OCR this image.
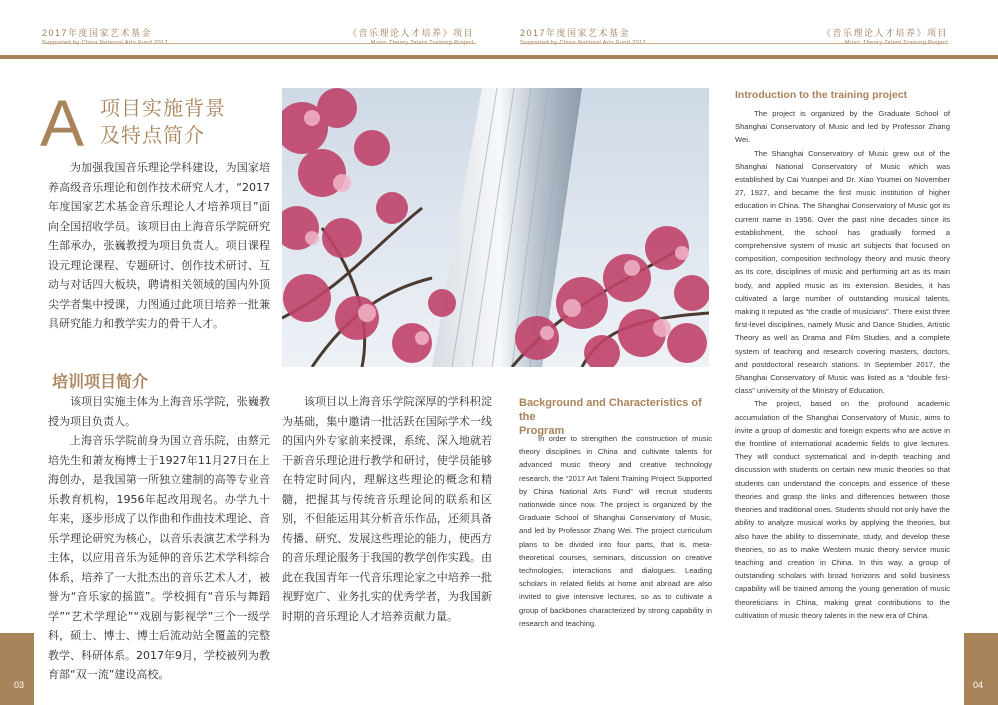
2017年度国家艺术基金	《音乐理论人才培养》项目	2017年度国家艺术基金	《音乐理论人才培养》项目
A 项目实施背景
及特点简介

为加强我国音乐理论学科建设，为国家培养高级音乐理论和创作技术研究人才，“2017年度国家艺术基金音乐理论人才培养项目”面向全国招收学员。该项目由上海音乐学院研究生部承办，张巍教授为项目负责人。项目课程设元理论课程、专题研讨、创作技术研讨、互动与对话四大板块，聘请相关领域的国内外顶尖学者集中授课，力图通过此项目培养一批兼具研究能力和教学实力的骨干人才。

培训项目简介

该项目实施主体为上海音乐学院，张巍教授为项目负责人。

上海音乐学院前身为国立音乐院，由蔡元培先生和萧友梅博士于1927年11月27日在上海创办，是我国第一所独立建制的高等专业音乐教育机构，1956年起改用现名。办学九十年来，逐步形成了以作曲和作曲技术理论、音乐学理论研究为核心，以音乐表演艺术学科为主体，以应用音乐为延伸的音乐艺术学科综合体系，培养了一大批杰出的音乐艺术人才，被誉为“音乐家的摇篮”。学校拥有“音乐与舞蹈学”“艺术学理论”“戏剧与影视学”三个一级学科，硕士、博士、博士后流动站全覆盖的完整教学、科研体系。2017年9月，学校被列为教育部“双一流”建设高校。

该项目以上海音乐学院深厚的学科积淀为基础，集中邀请一批活跃在国际学术一线的国内外专家前来授课，系统、深入地就若干新音乐理论进行教学和研讨，使学员能够在特定时间内，理解这些理论的概念和精髓，把握其与传统音乐理论间的联系和区别，不但能运用其分析音乐作品，还须具备传播、研究、发展这些理论的能力，使西方的音乐理论服务于我国的教学创作实践。由此在我国青年一代音乐理论家之中培养一批视野宽广、业务扎实的优秀学者，为我国新时期的音乐理论人才培养贡献力量。

Background and Characteristics of the
Program

In order to strengthen the construction of music theory disciplines in China and cultivate talents for advanced music theory and creative technology research, the “2017 Art Talent Training Project Supported by China National Arts Fund” will recruit students nationwide since now. The project is organized by the Graduate School of Shanghai Conservatory of Music, and led by Professor Zhang Wei. The project curriculum plans to be divided into four parts, that is, meta-theoretical courses, seminars, discussion on creative technologies, interactions and dialogues. Leading scholars in related fields at home and abroad are also invited to give intensive lectures, so as to cultivate a group of backbones characterized by strong capability in research and teaching.

Introduction to the training project

The project is organized by the Graduate School of Shanghai Conservatory of Music and led by Professor Zhang Wei.

The Shanghai Conservatory of Music grew out of the Shanghai National Conservatory of Music which was established by Cai Yuanpei and Dr. Xiao Youmei on November 27, 1927, and became the first music institution of higher education in China. The Shanghai Conservatory of Music got its current name in 1956. Over the past nine decades since its establishment, the school has gradually formed a comprehensive system of music art subjects that focused on composition, composition technology theory and music theory as its core, disciplines of music and performing art as its main body, and applied music as its extension. Besides, it has cultivated a large number of outstanding musical talents, making it reputed as “the cradle of musicians”. There exist three first-level disciplines, namely Music and Dance Studies, Artistic Theory as well as Drama and Film Studies, and a complete system of teaching and research covering masters, doctors, and postdoctoral research stations. In September 2017, the Shanghai Conservatory of Music was listed as a “double first-class” university of the Ministry of Education.

The project, based on the profound academic accumulation of the Shanghai Conservatory of Music, aims to invite a group of domestic and foreign experts who are active in the frontline of international academic fields to give lectures. They will conduct systematical and in-depth teaching and discussion with students on certain new music theories so that students can understand the concepts and essence of these theories and grasp the links and differences between those theories and traditional ones. Students should not only have the ability to analyze musical works by applying the theories, but also have the ability to disseminate, study, and develop these theories, so as to make Western music theory service music teaching and creation in China. In this way, a group of outstanding scholars with broad horizons and solid business capability will be trained among the young generation of music theoreticians in China, making great contributions to the cultivation of music theory talents in the new era of China.

03	04
